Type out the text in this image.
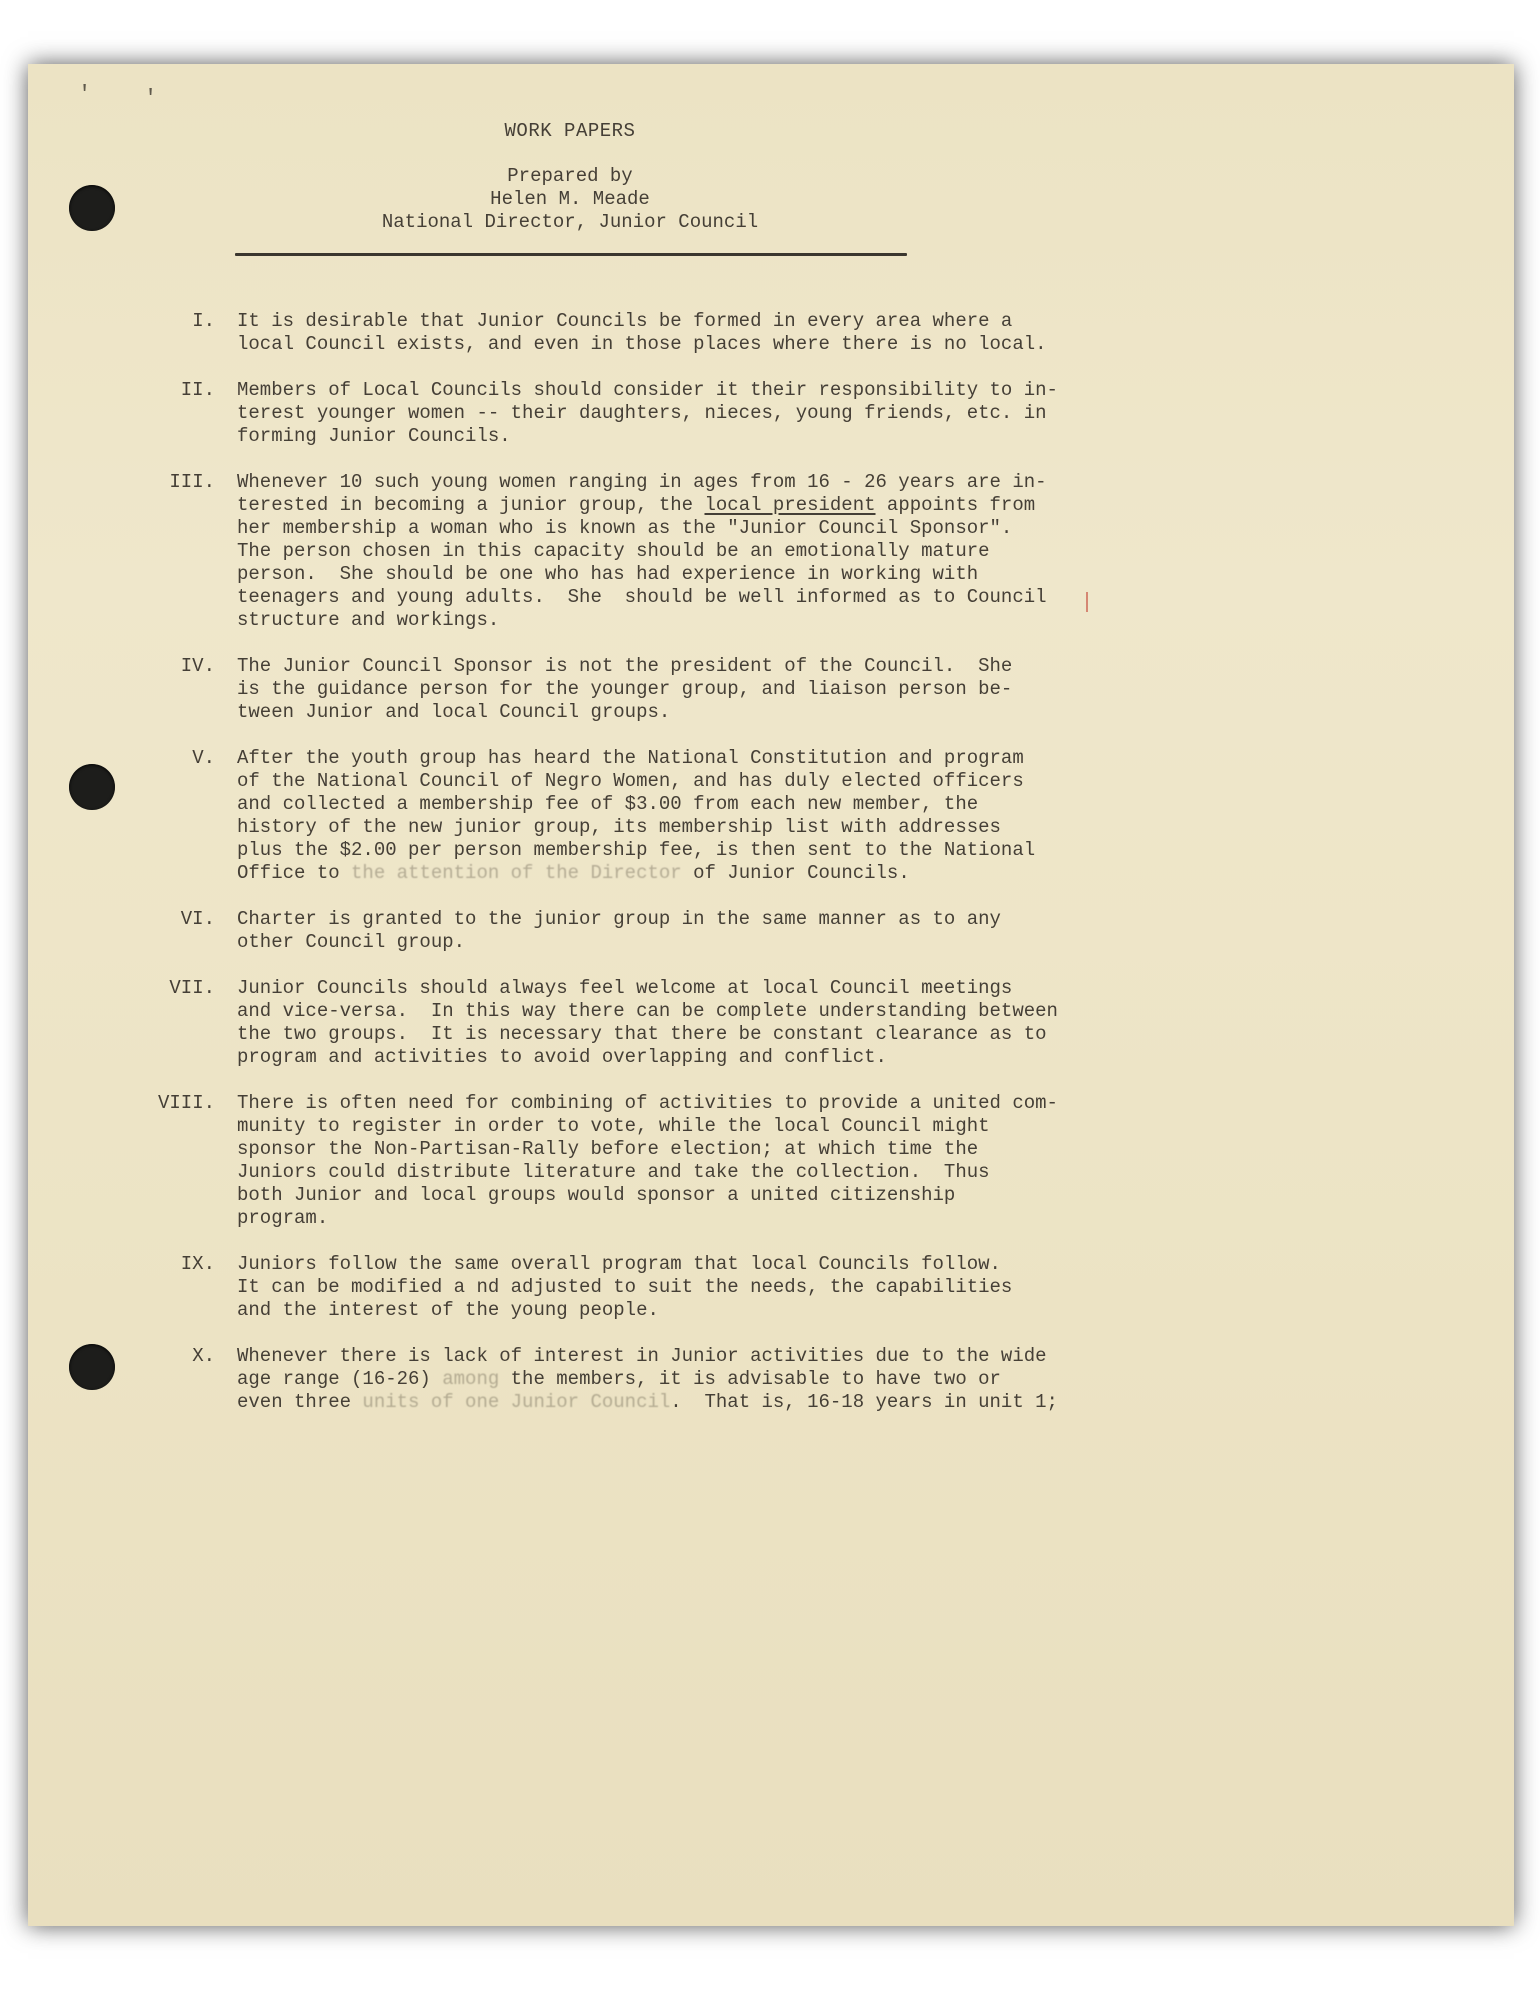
' '
WORK PAPERS
Prepared by
Helen M. Meade
National Director, Junior Council
I. It is desirable that Junior Councils be formed in every area where a
local Council exists, and even in those places where there is no local.
II. Members of Local Councils should consider it their responsibility to in-
terest younger women -- their daughters, nieces, young friends, etc. in
forming Junior Councils.
III. Whenever 10 such young women ranging in ages from 16 - 26 years are in-
terested in becoming a junior group, the local president appoints from
her membership a woman who is known as the "Junior Council Sponsor".
The person chosen in this capacity should be an emotionally mature
person.  She should be one who has had experience in working with
teenagers and young adults.  She  should be well informed as to Council
structure and workings.
IV. The Junior Council Sponsor is not the president of the Council.  She
is the guidance person for the younger group, and liaison person be-
tween Junior and local Council groups.
V. After the youth group has heard the National Constitution and program
of the National Council of Negro Women, and has duly elected officers
and collected a membership fee of $3.00 from each new member, the
history of the new junior group, its membership list with addresses
plus the $2.00 per person membership fee, is then sent to the National
Office to the attention of the Director of Junior Councils.
VI. Charter is granted to the junior group in the same manner as to any
other Council group.
VII. Junior Councils should always feel welcome at local Council meetings
and vice-versa.  In this way there can be complete understanding between
the two groups.  It is necessary that there be constant clearance as to
program and activities to avoid overlapping and conflict.
VIII. There is often need for combining of activities to provide a united com-
munity to register in order to vote, while the local Council might
sponsor the Non-Partisan-Rally before election; at which time the
Juniors could distribute literature and take the collection.  Thus
both Junior and local groups would sponsor a united citizenship
program.
IX. Juniors follow the same overall program that local Councils follow.
It can be modified a nd adjusted to suit the needs, the capabilities
and the interest of the young people.
X. Whenever there is lack of interest in Junior activities due to the wide
age range (16-26) among the members, it is advisable to have two or
even three units of one Junior Council.  That is, 16-18 years in unit 1;
